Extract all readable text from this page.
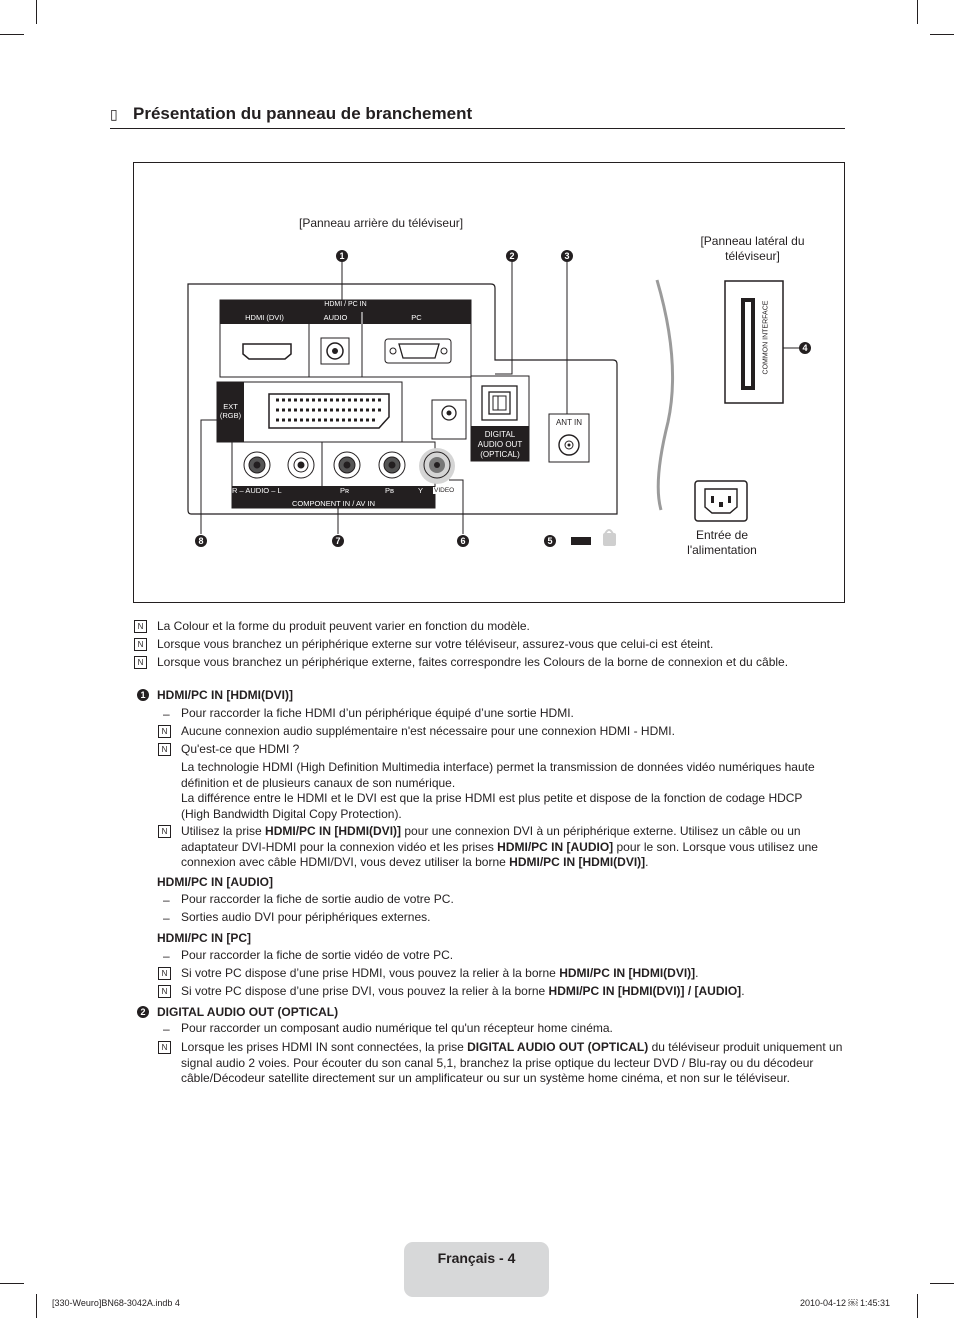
▯ Présentation du panneau de branchement
[Panneau arrière du téléviseur]
[Panneau latéral du
téléviseur]
Entrée de
l'alimentation
HDMI / PC IN
HDMI (DVI)	AUDIO	PC
EXT
(RGB)
DIGITAL
AUDIO OUT
(OPTICAL)
ANT IN
COMMON INTERFACE
R – AUDIO – L	Pʀ	Pʙ	Y VIDEO
COMPONENT IN / AV IN
1	2	3
4
5
6
7
8
N	La Colour et la forme du produit peuvent varier en fonction du modèle.
N	Lorsque vous branchez un périphérique externe sur votre téléviseur, assurez-vous que celui-ci est éteint.
N	Lorsque vous branchez un périphérique externe, faites correspondre les Colours de la borne de connexion et du câble.
1 HDMI/PC IN [HDMI(DVI)]
– Pour raccorder la fiche HDMI d’un périphérique équipé d’une sortie HDMI.
N	Aucune connexion audio supplémentaire n'est nécessaire pour une connexion HDMI - HDMI.
N	Qu'est-ce que HDMI ?
La technologie HDMI (High Definition Multimedia interface) permet la transmission de données vidéo numériques haute définition et de plusieurs canaux de son numérique.
La différence entre le HDMI et le DVI est que la prise HDMI est plus petite et dispose de la fonction de codage HDCP (High Bandwidth Digital Copy Protection).
N	Utilisez la prise HDMI/PC IN [HDMI(DVI)] pour une connexion DVI à un périphérique externe. Utilisez un câble ou un adaptateur DVI-HDMI pour la connexion vidéo et les prises HDMI/PC IN [AUDIO] pour le son. Lorsque vous utilisez une connexion avec câble HDMI/DVI, vous devez utiliser la borne HDMI/PC IN [HDMI(DVI)].
HDMI/PC IN [AUDIO]
– Pour raccorder la fiche de sortie audio de votre PC.
– Sorties audio DVI pour périphériques externes.
HDMI/PC IN [PC]
– Pour raccorder la fiche de sortie vidéo de votre PC.
N	Si votre PC dispose d’une prise HDMI, vous pouvez la relier à la borne HDMI/PC IN [HDMI(DVI)].
N	Si votre PC dispose d’une prise DVI, vous pouvez la relier à la borne HDMI/PC IN [HDMI(DVI)] / [AUDIO].
2 DIGITAL AUDIO OUT (OPTICAL)
– Pour raccorder un composant audio numérique tel qu'un récepteur home cinéma.
N	Lorsque les prises HDMI IN sont connectées, la prise DIGITAL AUDIO OUT (OPTICAL) du téléviseur produit uniquement un signal audio 2 voies. Pour écouter du son canal 5,1, branchez la prise optique du lecteur DVD / Blu-ray ou du décodeur câble/Décodeur satellite directement sur un amplificateur ou sur un système home cinéma, et non sur le téléviseur.
Français - 4
[330-Weuro]BN68-3042A.indb 4	2010-04-12 ￼ 1:45:31
